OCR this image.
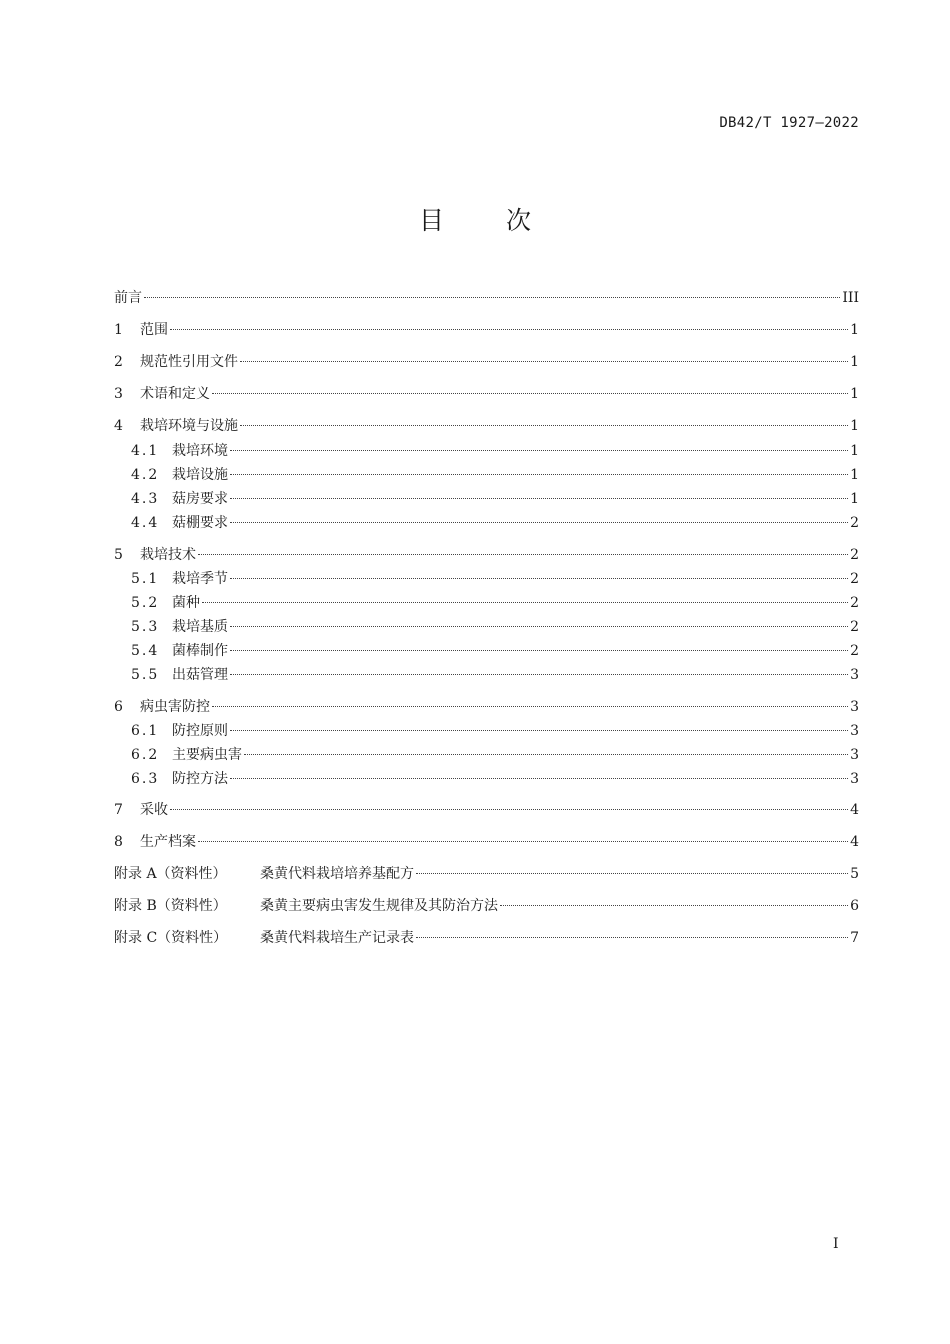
DB42/T 1927—2022
目次
前言	III
1	范围	1
2	规范性引用文件	1
3	术语和定义	1
4	栽培环境与设施	1
4.1 栽培环境	1
4.2 栽培设施	1
4.3 菇房要求	1
4.4 菇棚要求	2
5	栽培技术	2
5.1 栽培季节	2
5.2 菌种	2
5.3 栽培基质	2
5.4 菌棒制作	2
5.5 出菇管理	3
6	病虫害防控	3
6.1 防控原则	3
6.2 主要病虫害	3
6.3 防控方法	3
7	采收	4
8	生产档案	4
附录 A（资料性）	桑黄代料栽培培养基配方	5
附录 B（资料性）	桑黄主要病虫害发生规律及其防治方法	6
附录 C（资料性）	桑黄代料栽培生产记录表	7
I
